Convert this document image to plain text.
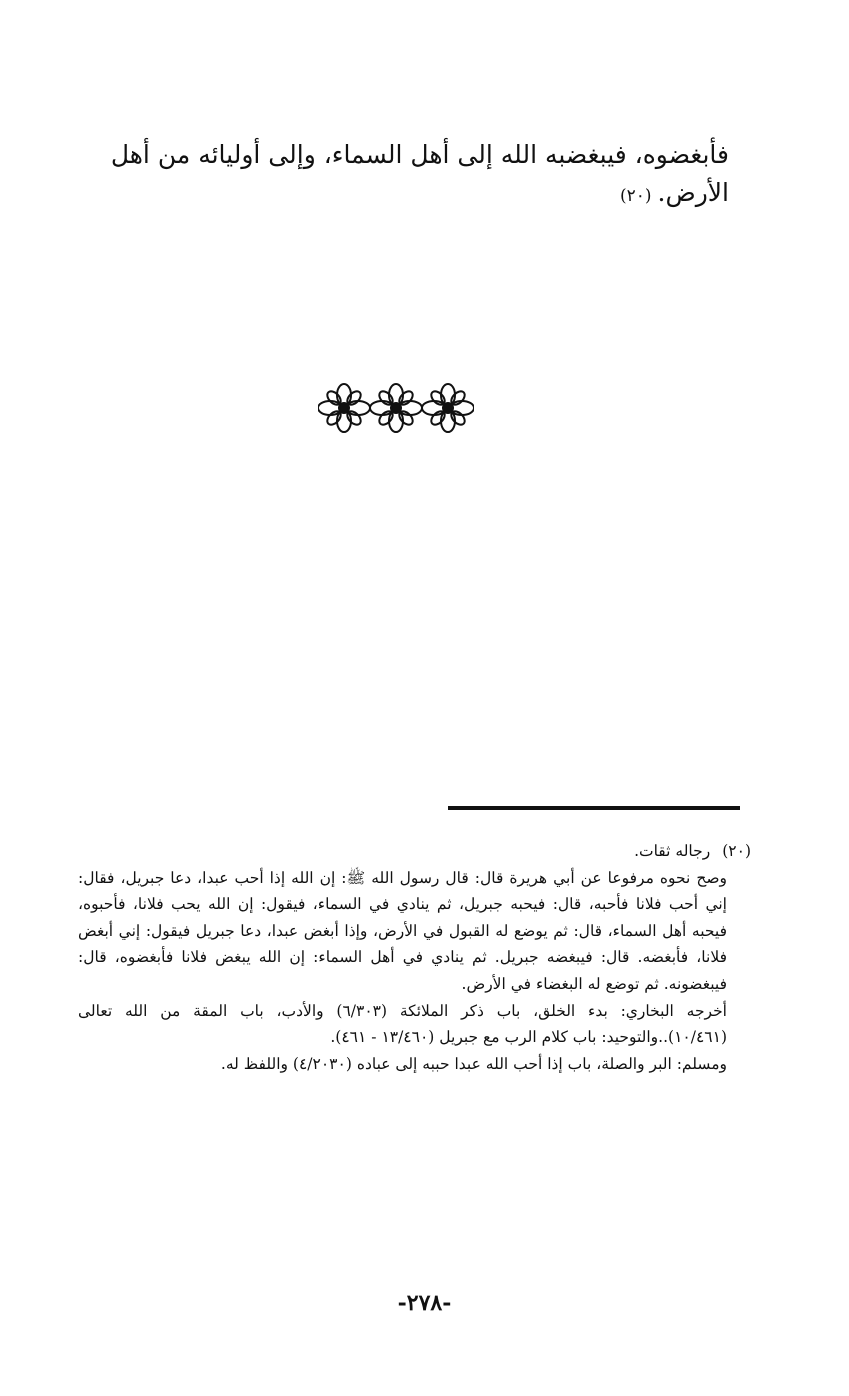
فأبغضوه، فيبغضبه الله إلى أهل السماء، وإلى أوليائه من أهل الأرض.(٢٠)
(٢٠)
رجاله ثقات.

وصح نحوه مرفوعا عن أبي هريرة قال: قال رسول الله ﷺ: إن الله إذا أحب عبدا، دعا جبريل، فقال: إني أحب فلانا فأحبه، قال: فيحبه جبريل، ثم ينادي في السماء، فيقول: إن الله يحب فلانا، فأحبوه، فيحبه أهل السماء، قال: ثم يوضع له القبول في الأرض، وإذا أبغض عبدا، دعا جبريل فيقول: إني أبغض فلانا، فأبغضه. قال: فيبغضه جبريل. ثم ينادي في أهل السماء: إن الله يبغض فلانا فأبغضوه، قال: فيبغضونه. ثم توضع له البغضاء في الأرض.

أخرجه البخاري: بدء الخلق، باب ذكر الملائكة (٦/٣٠٣) والأدب، باب المقة من الله تعالى (١٠/٤٦١)..والتوحيد: باب كلام الرب مع جبريل (١٣/٤٦٠ - ٤٦١).

ومسلم: البر والصلة، باب إذا أحب الله عبدا حببه إلى عباده (٤/٢٠٣٠) واللفظ له.

-٢٧٨-
